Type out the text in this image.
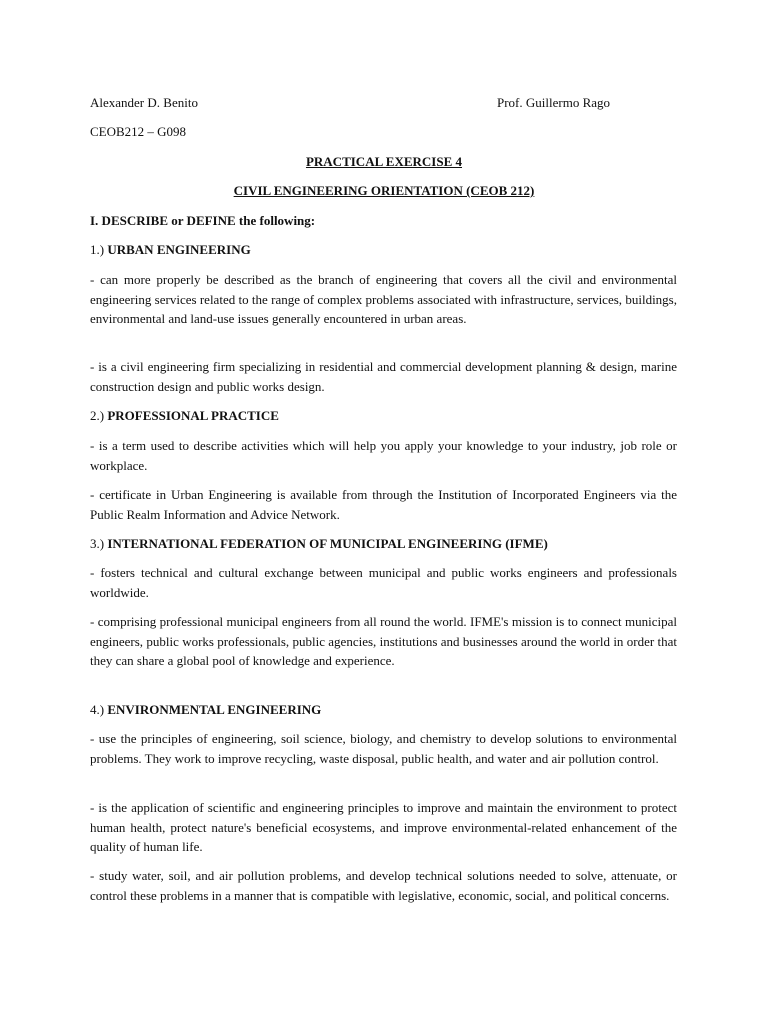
Alexander D. Benito	Prof. Guillermo Rago

CEOB212 – G098

PRACTICAL EXERCISE 4

CIVIL ENGINEERING ORIENTATION (CEOB 212)

I. DESCRIBE or DEFINE the following:

1.) URBAN ENGINEERING

- can more properly be described as the branch of engineering that covers all the civil and environmental engineering services related to the range of complex problems associated with infrastructure, services, buildings, environmental and land-use issues generally encountered in urban areas.

- is a civil engineering firm specializing in residential and commercial development planning & design, marine construction design and public works design.

2.) PROFESSIONAL PRACTICE

- is a term used to describe activities which will help you apply your knowledge to your industry, job role or workplace.

- certificate in Urban Engineering is available from through the Institution of Incorporated Engineers via the Public Realm Information and Advice Network.

3.) INTERNATIONAL FEDERATION OF MUNICIPAL ENGINEERING (IFME)

- fosters technical and cultural exchange between municipal and public works engineers and professionals worldwide.

- comprising professional municipal engineers from all round the world. IFME's mission is to connect municipal engineers, public works professionals, public agencies, institutions and businesses around the world in order that they can share a global pool of knowledge and experience.

4.) ENVIRONMENTAL ENGINEERING

- use the principles of engineering, soil science, biology, and chemistry to develop solutions to environmental problems. They work to improve recycling, waste disposal, public health, and water and air pollution control.

- is the application of scientific and engineering principles to improve and maintain the environment to protect human health, protect nature's beneficial ecosystems, and improve environmental-related enhancement of the quality of human life.

- study water, soil, and air pollution problems, and develop technical solutions needed to solve, attenuate, or control these problems in a manner that is compatible with legislative, economic, social, and political concerns.
